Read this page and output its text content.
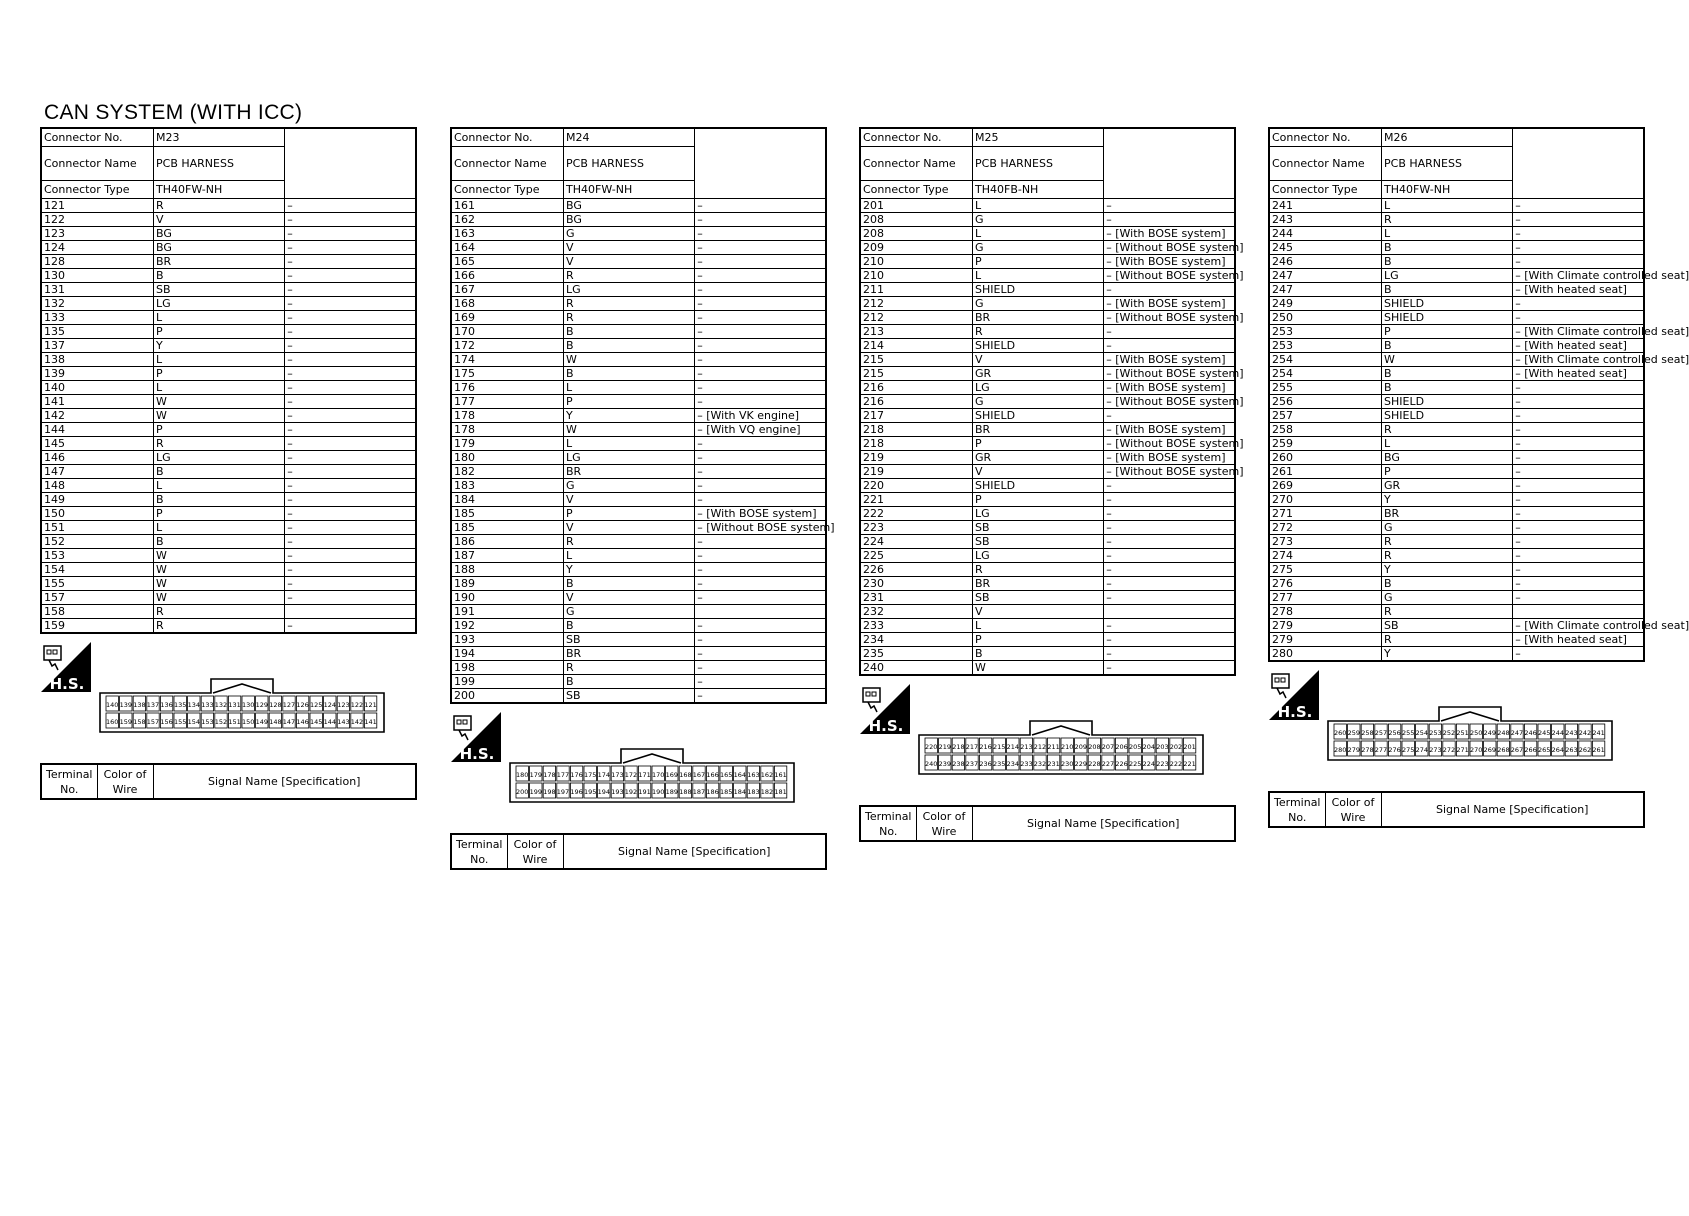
CAN SYSTEM (WITH ICC)
Connector No.	M23	
Connector Name	PCB HARNESS	
Connector Type	TH40FW-NH	
121	R	–
122	V	–
123	BG	–
124	BG	–
128	BR	–
130	B	–
131	SB	–
132	LG	–
133	L	–
135	P	–
137	Y	–
138	L	–
139	P	–
140	L	–
141	W	–
142	W	–
144	P	–
145	R	–
146	LG	–
147	B	–
148	L	–
149	B	–
150	P	–
151	L	–
152	B	–
153	W	–
154	W	–
155	W	–
157	W	–
158	R	
159	R	–
H.S.
140 139 138 137 136 135 134 133 132 131 130 129 128 127 126 125 124 123 122 121
160 159 158 157 156 155 154 153 152 151 150 149 148 147 146 145 144 143 142 141
Terminal No.	Color of Wire	Signal Name [Specification]
Connector No.	M24	
Connector Name	PCB HARNESS	
Connector Type	TH40FW-NH	
161	BG	–
162	BG	–
163	G	–
164	V	–
165	V	–
166	R	–
167	LG	–
168	R	–
169	R	–
170	B	–
172	B	–
174	W	–
175	B	–
176	L	–
177	P	–
178	Y	– [With VK engine]
178	W	– [With VQ engine]
179	L	–
180	LG	–
182	BR	–
183	G	–
184	V	–
185	P	– [With BOSE system]
185	V	– [Without BOSE system]
186	R	–
187	L	–
188	Y	–
189	B	–
190	V	–
191	G	
192	B	–
193	SB	–
194	BR	–
198	R	–
199	B	–
200	SB	–
H.S.
180 179 178 177 176 175 174 173 172 171 170 169 168 167 166 165 164 163 162 161
200 199 198 197 196 195 194 193 192 191 190 189 188 187 186 185 184 183 182 181
Terminal No.	Color of Wire	Signal Name [Specification]
Connector No.	M25	
Connector Name	PCB HARNESS	
Connector Type	TH40FB-NH	
201	L	–
208	G	–
208	L	– [With BOSE system]
209	G	– [Without BOSE system]
210	P	– [With BOSE system]
210	L	– [Without BOSE system]
211	SHIELD	–
212	G	– [With BOSE system]
212	BR	– [Without BOSE system]
213	R	–
214	SHIELD	–
215	V	– [With BOSE system]
215	GR	– [Without BOSE system]
216	LG	– [With BOSE system]
216	G	– [Without BOSE system]
217	SHIELD	–
218	BR	– [With BOSE system]
218	P	– [Without BOSE system]
219	GR	– [With BOSE system]
219	V	– [Without BOSE system]
220	SHIELD	–
221	P	–
222	LG	–
223	SB	–
224	SB	–
225	LG	–
226	R	–
230	BR	–
231	SB	–
232	V	
233	L	–
234	P	–
235	B	–
240	W	–
H.S.
220 219 218 217 216 215 214 213 212 211 210 209 208 207 206 205 204 203 202 201
240 239 238 237 236 235 234 233 232 231 230 229 228 227 226 225 224 223 222 221
Terminal No.	Color of Wire	Signal Name [Specification]
Connector No.	M26	
Connector Name	PCB HARNESS	
Connector Type	TH40FW-NH	
241	L	–
243	R	–
244	L	–
245	B	–
246	B	–
247	LG	– [With Climate controlled seat]
247	B	– [With heated seat]
249	SHIELD	–
250	SHIELD	–
253	P	– [With Climate controlled seat]
253	B	– [With heated seat]
254	W	– [With Climate controlled seat]
254	B	– [With heated seat]
255	B	–
256	SHIELD	–
257	SHIELD	–
258	R	–
259	L	–
260	BG	–
261	P	–
269	GR	–
270	Y	–
271	BR	–
272	G	–
273	R	–
274	R	–
275	Y	–
276	B	–
277	G	–
278	R	
279	SB	– [With Climate controlled seat]
279	R	– [With heated seat]
280	Y	–
H.S.
260 259 258 257 256 255 254 253 252 251 250 249 248 247 246 245 244 243 242 241
280 279 278 277 276 275 274 273 272 271 270 269 268 267 266 265 264 263 262 261
Terminal No.	Color of Wire	Signal Name [Specification]
